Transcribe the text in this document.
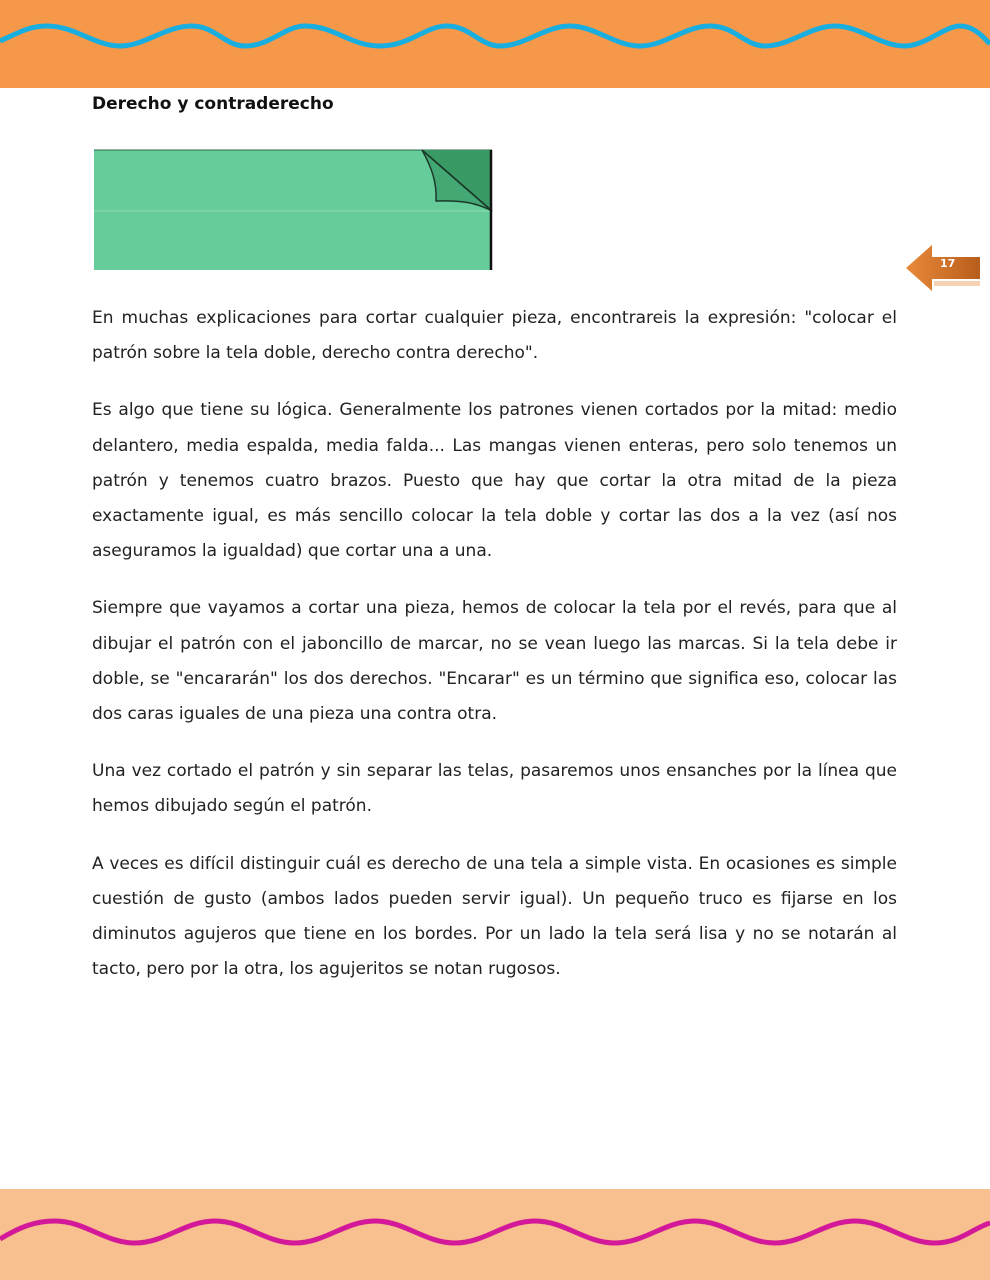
Derecho y contraderecho
17

En muchas explicaciones para cortar cualquier pieza, encontrareis la expresión: "colocar el patrón sobre la tela doble, derecho contra derecho".

Es algo que tiene su lógica. Generalmente los patrones vienen cortados por la mitad: medio delantero, media espalda, media falda... Las mangas vienen enteras, pero solo tenemos un patrón y tenemos cuatro brazos. Puesto que hay que cortar la otra mitad de la pieza exactamente igual, es más sencillo colocar la tela doble y cortar las dos a la vez (así nos aseguramos la igualdad) que cortar una a una.

Siempre que vayamos a cortar una pieza, hemos de colocar la tela por el revés, para que al dibujar el patrón con el jaboncillo de marcar, no se vean luego las marcas. Si la tela debe ir doble, se "encararán" los dos derechos. "Encarar" es un término que significa eso, colocar las dos caras iguales de una pieza una contra otra.

Una vez cortado el patrón y sin separar las telas, pasaremos unos ensanches por la línea que hemos dibujado según el patrón.

A veces es difícil distinguir cuál es derecho de una tela a simple vista. En ocasiones es simple cuestión de gusto (ambos lados pueden servir igual). Un pequeño truco es fijarse en los diminutos agujeros que tiene en los bordes. Por un lado la tela será lisa y no se notarán al tacto, pero por la otra, los agujeritos se notan rugosos.
